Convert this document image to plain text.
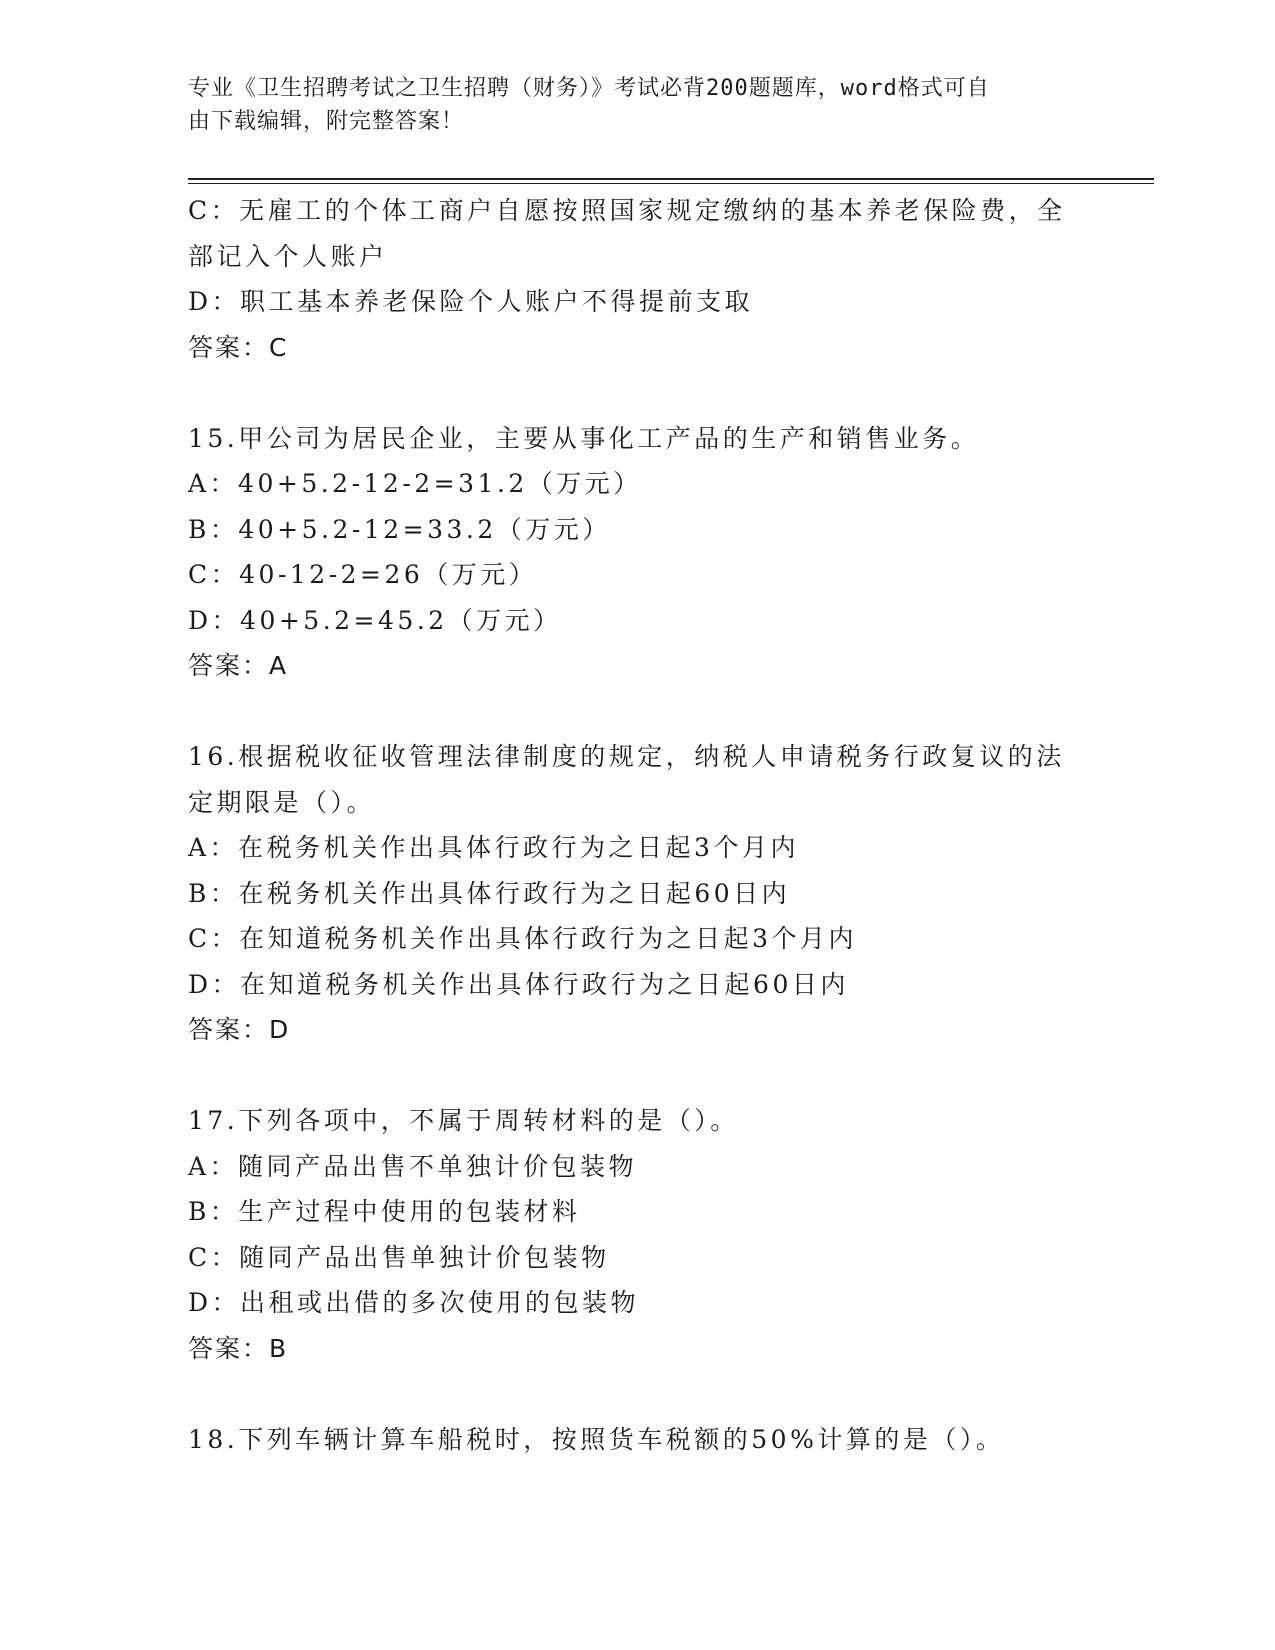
专业《卫生招聘考试之卫生招聘（财务）》考试必背200题题库，word格式可自
由下载编辑，附完整答案！
C：无雇工的个体工商户自愿按照国家规定缴纳的基本养老保险费，全
部记入个人账户
D：职工基本养老保险个人账户不得提前支取
答案：C
15.甲公司为居民企业，主要从事化工产品的生产和销售业务。
A：40+5.2-12-2=31.2（万元）
B：40+5.2-12=33.2（万元）
C：40-12-2=26（万元）
D：40+5.2=45.2（万元）
答案：A
16.根据税收征收管理法律制度的规定，纳税人申请税务行政复议的法
定期限是（）。
A：在税务机关作出具体行政行为之日起3个月内
B：在税务机关作出具体行政行为之日起60日内
C：在知道税务机关作出具体行政行为之日起3个月内
D：在知道税务机关作出具体行政行为之日起60日内
答案：D
17.下列各项中，不属于周转材料的是（）。
A：随同产品出售不单独计价包装物
B：生产过程中使用的包装材料
C：随同产品出售单独计价包装物
D：出租或出借的多次使用的包装物
答案：B
18.下列车辆计算车船税时，按照货车税额的50%计算的是（）。
